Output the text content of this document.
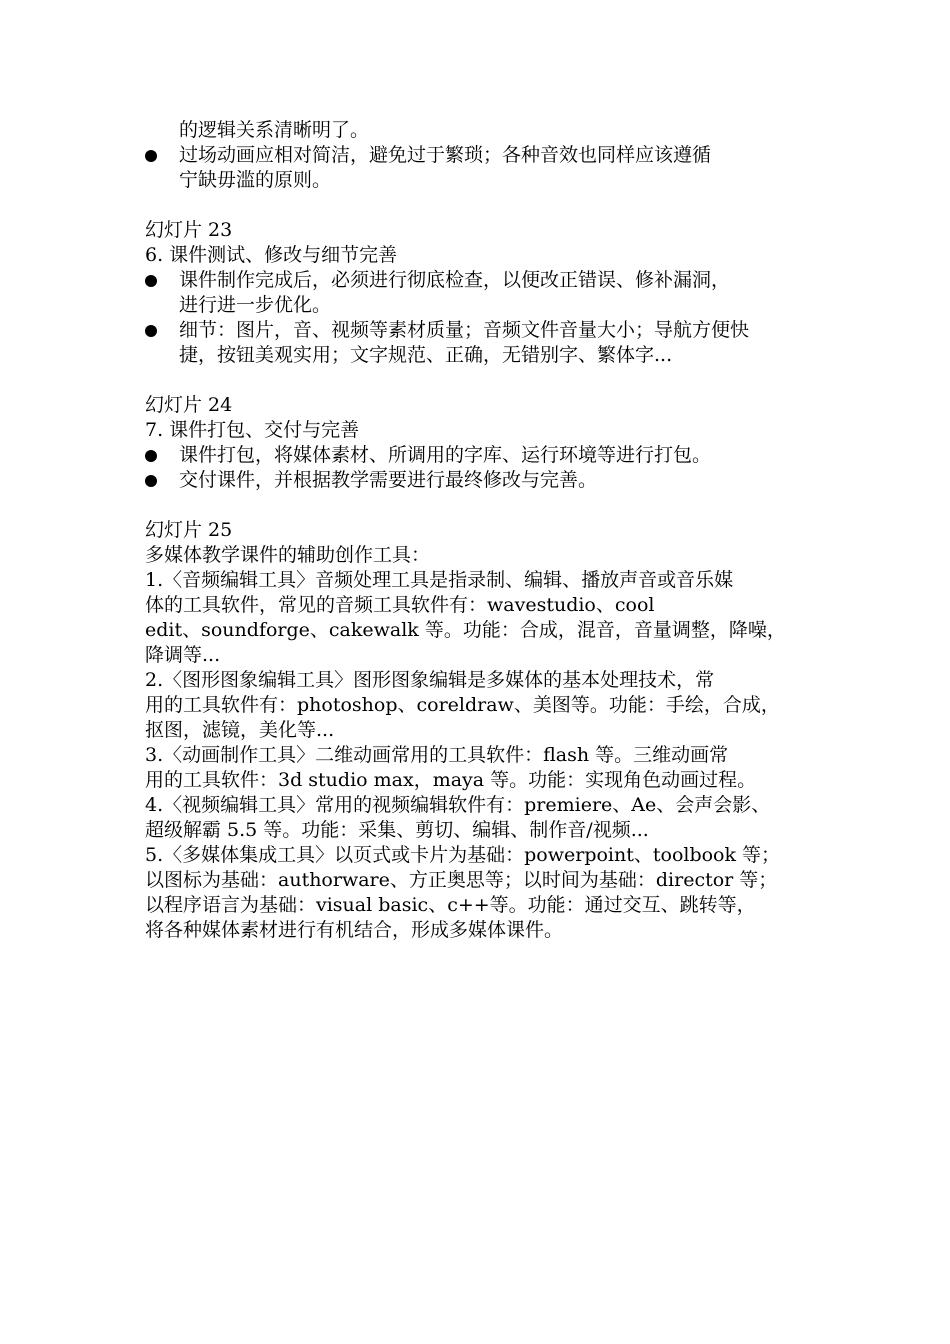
的逻辑关系清晰明了。
过场动画应相对简洁，避免过于繁琐；各种音效也同样应该遵循
宁缺毋滥的原则。
幻灯片 23
6. 课件测试、修改与细节完善
课件制作完成后，必须进行彻底检查，以便改正错误、修补漏洞，
进行进一步优化。
细节：图片，音、视频等素材质量；音频文件音量大小；导航方便快
捷，按钮美观实用；文字规范、正确，无错别字、繁体字...
幻灯片 24
7. 课件打包、交付与完善
课件打包，将媒体素材、所调用的字库、运行环境等进行打包。
交付课件，并根据教学需要进行最终修改与完善。
幻灯片 25
多媒体教学课件的辅助创作工具：
1.〈音频编辑工具〉音频处理工具是指录制、编辑、播放声音或音乐媒
体的工具软件，常见的音频工具软件有：wavestudio、cool
edit、soundforge、cakewalk 等。功能：合成，混音，音量调整，降噪，
降调等...
2.〈图形图象编辑工具〉图形图象编辑是多媒体的基本处理技术，常
用的工具软件有：photoshop、coreldraw、美图等。功能：手绘，合成，
抠图，滤镜，美化等...
3.〈动画制作工具〉二维动画常用的工具软件：flash 等。三维动画常
用的工具软件：3d studio max，maya 等。功能：实现角色动画过程。
4.〈视频编辑工具〉常用的视频编辑软件有：premiere、Ae、会声会影、
超级解霸 5.5 等。功能：采集、剪切、编辑、制作音/视频...
5.〈多媒体集成工具〉以页式或卡片为基础：powerpoint、toolbook 等；
以图标为基础：authorware、方正奥思等；以时间为基础：director 等；
以程序语言为基础：visual basic、c++等。功能：通过交互、跳转等，
将各种媒体素材进行有机结合，形成多媒体课件。
